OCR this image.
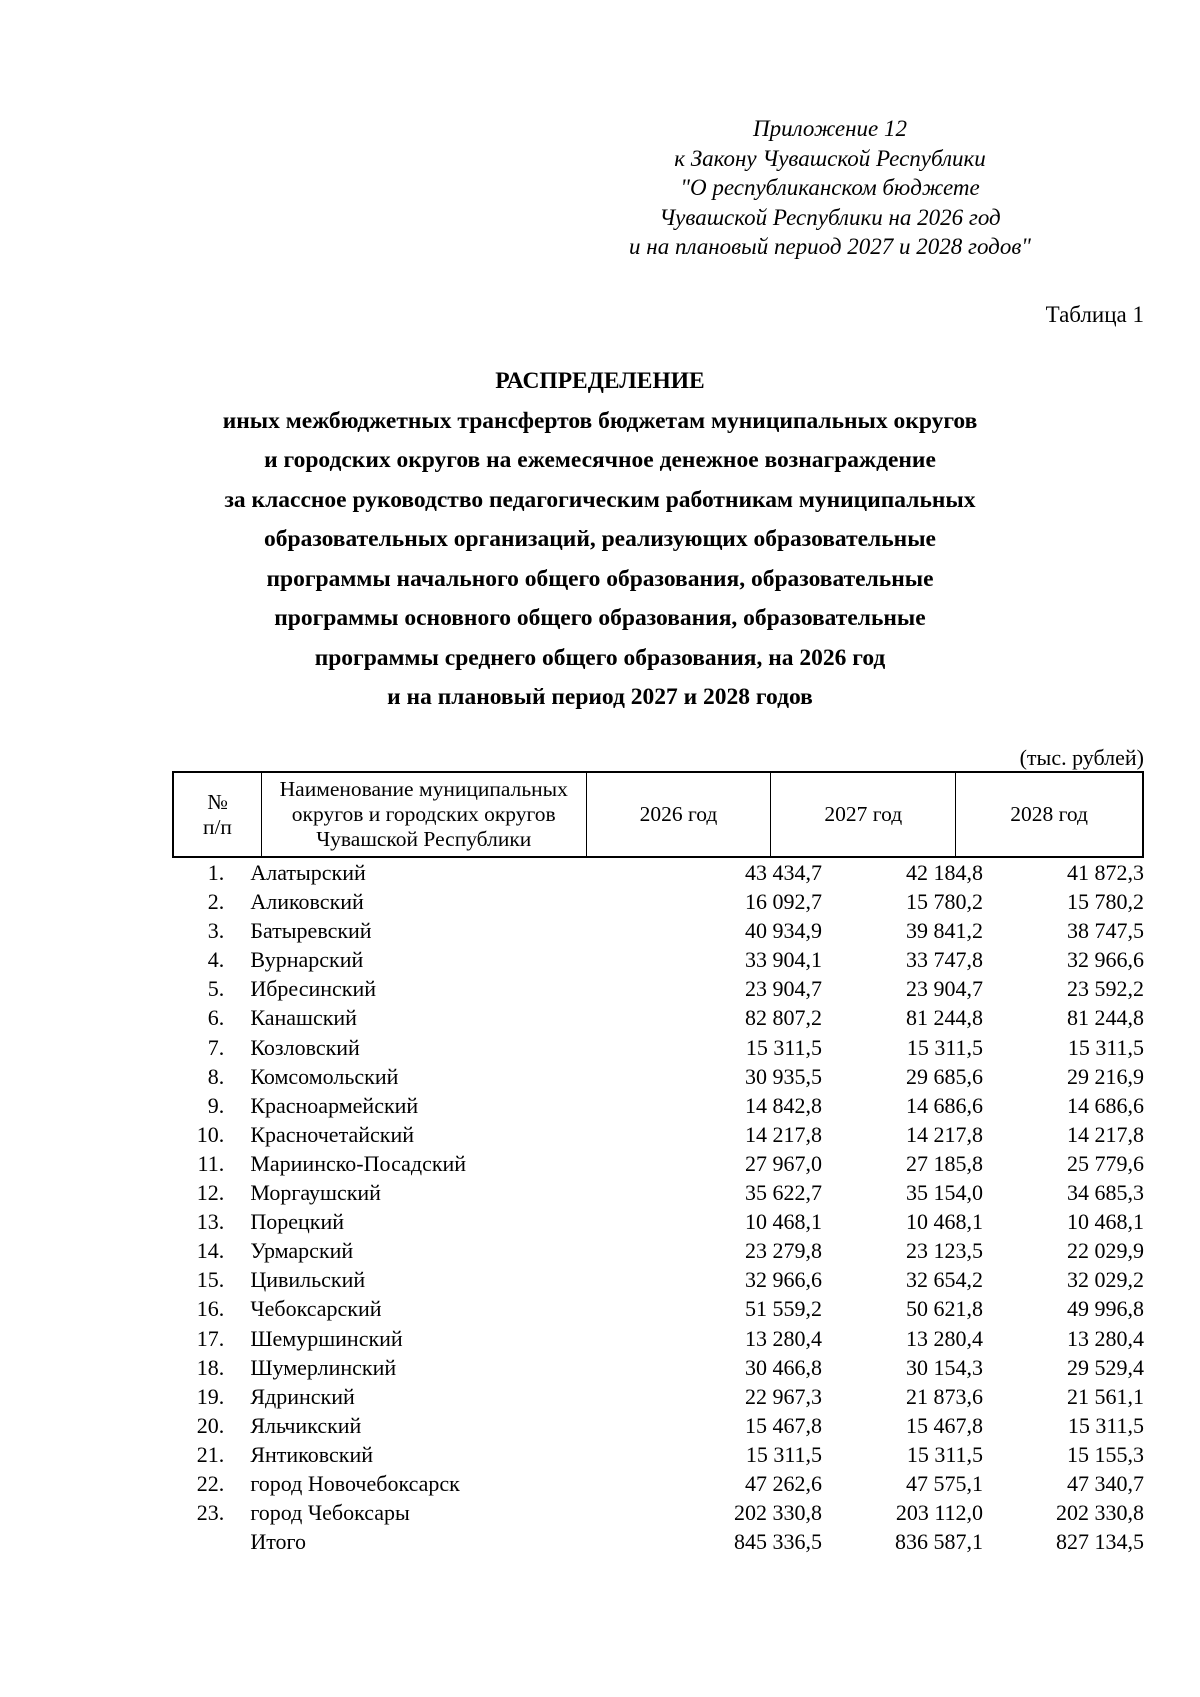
Приложение 12
к Закону Чувашской Республики
"О республиканском бюджете
Чувашской Республики на 2026 год
и на плановый период 2027 и 2028 годов"
Таблица 1
РАСПРЕДЕЛЕНИЕ
иных межбюджетных трансфертов бюджетам муниципальных округов
и городских округов на ежемесячное денежное вознаграждение
за классное руководство педагогическим работникам муниципальных
образовательных организаций, реализующих образовательные
программы начального общего образования, образовательные
программы основного общего образования, образовательные
программы среднего общего образования, на 2026 год
и на плановый период 2027 и 2028 годов
(тыс. рублей)
№
п/п
Наименование муниципальных
округов и городских округов
Чувашской Республики
2026 год	2027 год	2028 год
1. Алатырский	43 434,7	42 184,8	41 872,3
2. Аликовский	16 092,7	15 780,2	15 780,2
3. Батыревский	40 934,9	39 841,2	38 747,5
4. Вурнарский	33 904,1	33 747,8	32 966,6
5. Ибресинский	23 904,7	23 904,7	23 592,2
6. Канашский	82 807,2	81 244,8	81 244,8
7. Козловский	15 311,5	15 311,5	15 311,5
8. Комсомольский	30 935,5	29 685,6	29 216,9
9. Красноармейский	14 842,8	14 686,6	14 686,6
10. Красночетайский	14 217,8	14 217,8	14 217,8
11. Мариинско-Посадский	27 967,0	27 185,8	25 779,6
12. Моргаушский	35 622,7	35 154,0	34 685,3
13. Порецкий	10 468,1	10 468,1	10 468,1
14. Урмарский	23 279,8	23 123,5	22 029,9
15. Цивильский	32 966,6	32 654,2	32 029,2
16. Чебоксарский	51 559,2	50 621,8	49 996,8
17. Шемуршинский	13 280,4	13 280,4	13 280,4
18. Шумерлинский	30 466,8	30 154,3	29 529,4
19. Ядринский	22 967,3	21 873,6	21 561,1
20. Яльчикский	15 467,8	15 467,8	15 311,5
21. Янтиковский	15 311,5	15 311,5	15 155,3
22. город Новочебоксарск	47 262,6	47 575,1	47 340,7
23. город Чебоксары	202 330,8	203 112,0	202 330,8
Итого	845 336,5	836 587,1	827 134,5
